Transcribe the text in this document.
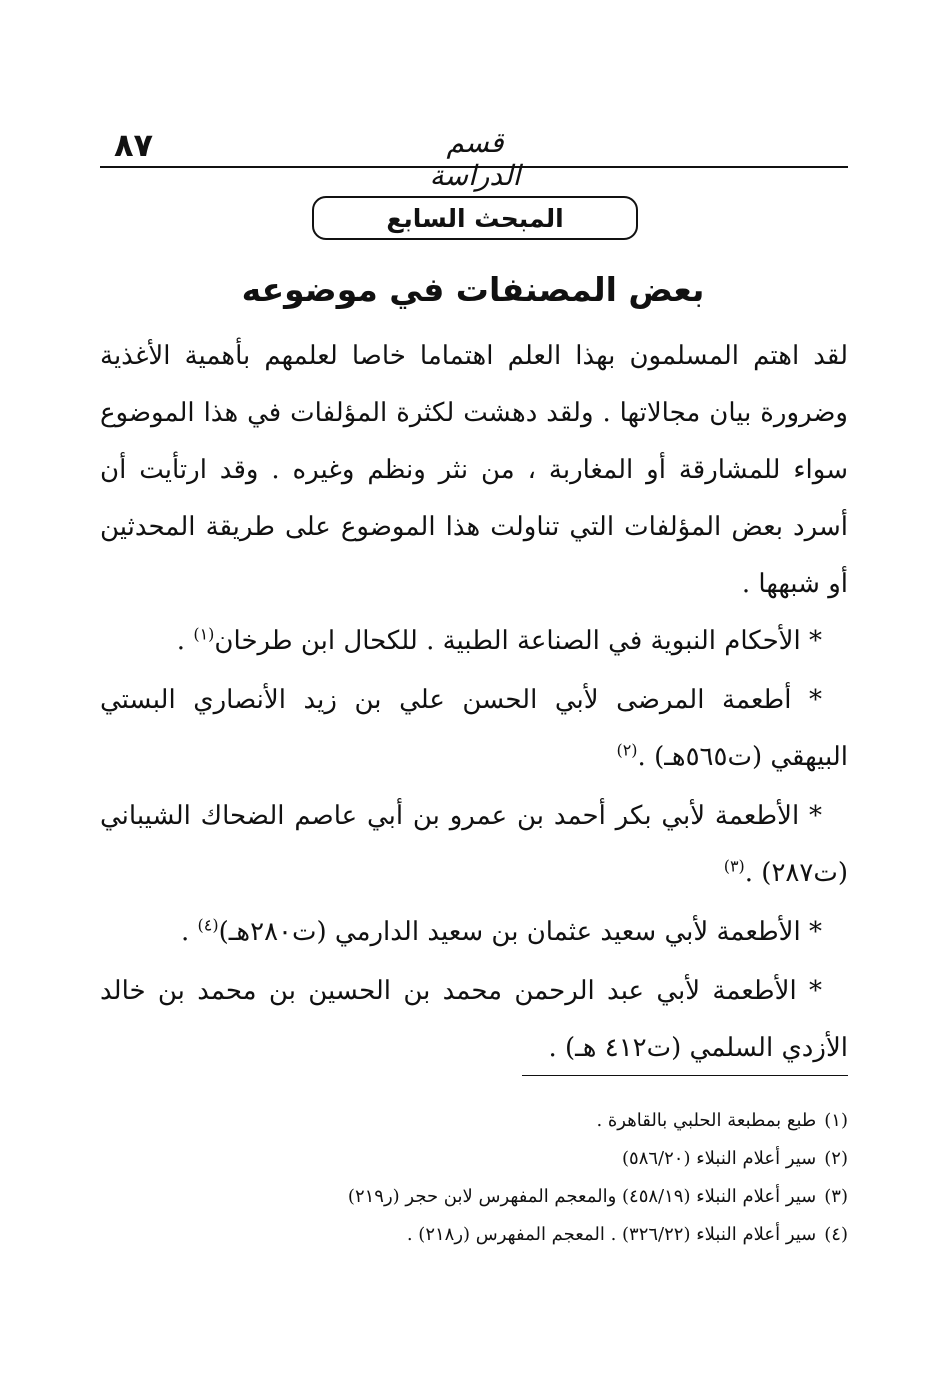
٨٧	قسم الدراسة
المبحث السابع
بعض المصنفات في موضوعه

لقد اهتم المسلمون بهذا العلم اهتماما خاصا لعلمهم بأهمية الأغذية وضرورة بيان مجالاتها . ولقد دهشت لكثرة المؤلفات في هذا الموضوع سواء للمشارقة أو المغاربة ، من نثر ونظم وغيره . وقد ارتأيت أن أسرد بعض المؤلفات التي تناولت هذا الموضوع على طريقة المحدثين أو شبهها .

* الأحكام النبوية في الصناعة الطبية . للكحال ابن طرخان$^{(١)}$ .

* أطعمة المرضى لأبي الحسن علي بن زيد الأنصاري البستي البيهقي (ت٥٦٥هـ) .$^{(٢)}$

* الأطعمة لأبي بكر أحمد بن عمرو بن أبي عاصم الضحاك الشيباني (ت٢٨٧) .$^{(٣)}$

* الأطعمة لأبي سعيد عثمان بن سعيد الدارمي (ت٢٨٠هـ)$^{(٤)}$ .

* الأطعمة لأبي عبد الرحمن محمد بن الحسين بن محمد بن خالد الأزدي السلمي (ت٤١٢ هـ) .

(١)طبع بمطبعة الحلبي بالقاهرة .

(٢)سير أعلام النبلاء (٥٨٦/٢٠)

(٣)سير أعلام النبلاء (٤٥٨/١٩) والمعجم المفهرس لابن حجر (ر٢١٩)

(٤)سير أعلام النبلاء (٣٢٦/٢٢) . المعجم المفهرس (ر٢١٨) .
